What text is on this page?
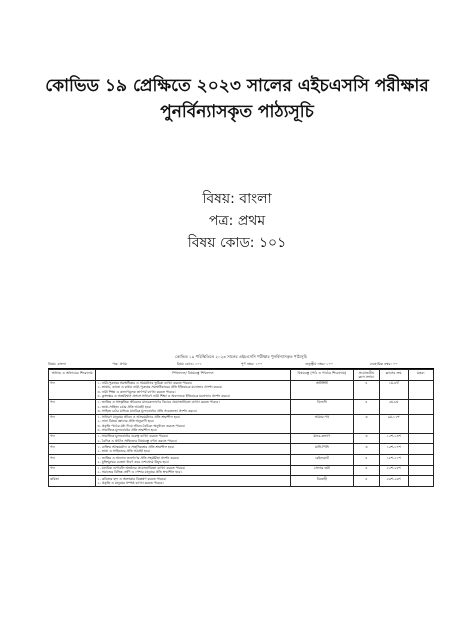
কোভিড ১৯ প্রেক্ষিতে ২০২৩ সালের এইচএসসি পরীক্ষার
পুনর্বিন্যাসকৃত পাঠ্যসূচি
বিষয়: বাংলা
পত্র: প্রথম
বিষয় কোড: ১০১
কোভিড ১৯ পরিস্থিতিতে ২০২৩ সালের এইচএসসি পরীক্ষার পুনর্বিন্যাসকৃত পাঠ্যসূচি
বিষয়: বাংলা	পত্র: প্রথম	বিষয় কোড: ১০১	পূর্ণ নম্বর: ১০০	তত্ত্বীয় নম্বর: ১০০	ব্যবহারিক নম্বর: ০০
অধ্যায় ও অধ্যায়ের শিরোনাম	শিখনফল/ বিষয়বস্তু শিখনফল	বিষয়বস্তু (পাঠ ও পাঠের শিরোনাম)	প্রয়োজনীয় ক্লাস সংখ্যা	ক্লাসের ক্রম	মন্তব্য
গদ্য	১. নারী-পুরুষের সমঅধিকার ও সমমর্যাদার ভূমিকা ব্যাখ্যা করতে পারবে।
২. ভাষায়, কাজে ও কথায় নারী-পুরুষের সমঅধিকারের প্রতি ইতিবাচক মনোভাব প্রদর্শন করবে।
৩. নারী শিক্ষা ও কল্যাণমূলক তাৎপর্য ব্যাখ্যা করতে পারবে।
৪. কুসংস্কার ও অন্ধবিশ্বাস প্রসঙ্গে সাধারণ নারী শিক্ষা ও অবদানকে ইতিবাচক মনোভাব প্রদর্শন করবে।	অর্ধাঙ্গিনী	৪	১ম-৪র্থ	
গদ্য	১. জাতির ও সাংস্কৃতিক জীবনের মানবকল্যাণের বিচারে প্রয়োজনীয়তা ব্যাখ্যা করতে পারবে।
২. ভাষা-সাহিত্য চর্চার প্রতি আগ্রহী হবে।
৩. সাহিত্য চর্চার মাধ্যমে মানবিক মূল্যবোধের প্রতি সচেতনতা প্রদর্শন করবে।	বিলাসী	৪	৫ম-৮ম	
গদ্য	১. সাধারণ মানুষের জীবন ও আত্মমর্যাদার প্রতি শ্রদ্ধাশীল হবে।
২. নানা বিষয়ে জ্ঞানের প্রতি অনুরাগী হবে।
৩. প্রকৃতি পাঠের মধ্য দিয়ে জীবন-বৈচিত্র্য অনুধাবন করতে পারবে।
৪. সামাজিক মূল্যবোধের প্রতি শ্রদ্ধাশীল হবে।	আমার পথ	৩	৯ম-১১শ	
গদ্য	১. সামাজিক মূল্যবোধের গুরুত্ব ব্যাখ্যা করতে পারবে।
২. বৈদিক ও প্রাচীন সাহিত্যের বিষয়বস্তু বর্ণনা করতে পারবে।	মানব-কল্যাণ	৩	১২শ-১৪শ	
গদ্য	১. ব্যক্তির আত্মমর্যাদা ও সাহসিকতার প্রতি শ্রদ্ধাশীল হবে।
২. ভাষা ও সাহিত্যের প্রতি আগ্রহী হবে।	মাসি-পিসি	৩	১৫শ-১৭শ	
গদ্য	১. জাতির ও অন্যান্য জনগণের প্রতি সহমর্মিতা প্রদর্শন করবে।
২. মুক্তিযুদ্ধের চেতনা ধারণ করে দেশপ্রেমে উদ্বুদ্ধ হবে।	রেইনকোট	৪	১৮শ-২১শ	
গদ্য	১. মানবিক গুণাবলি অর্জনের প্রয়োজনীয়তা ব্যাখ্যা করতে পারবে।
২. সমাজের বিভিন্ন শ্রেণি ও পেশার মানুষের প্রতি শ্রদ্ধাশীল হবে।	সোনার তরী	৪	২২শ-২৫শ	
কবিতা	১. কবিতার ছন্দ ও অলংকার বিশ্লেষণ করতে পারবে।
২. প্রকৃতি ও মানুষের সম্পর্ক ব্যাখ্যা করতে পারবে।	বিদ্রোহী	৪	২৬শ-২৯শ	
